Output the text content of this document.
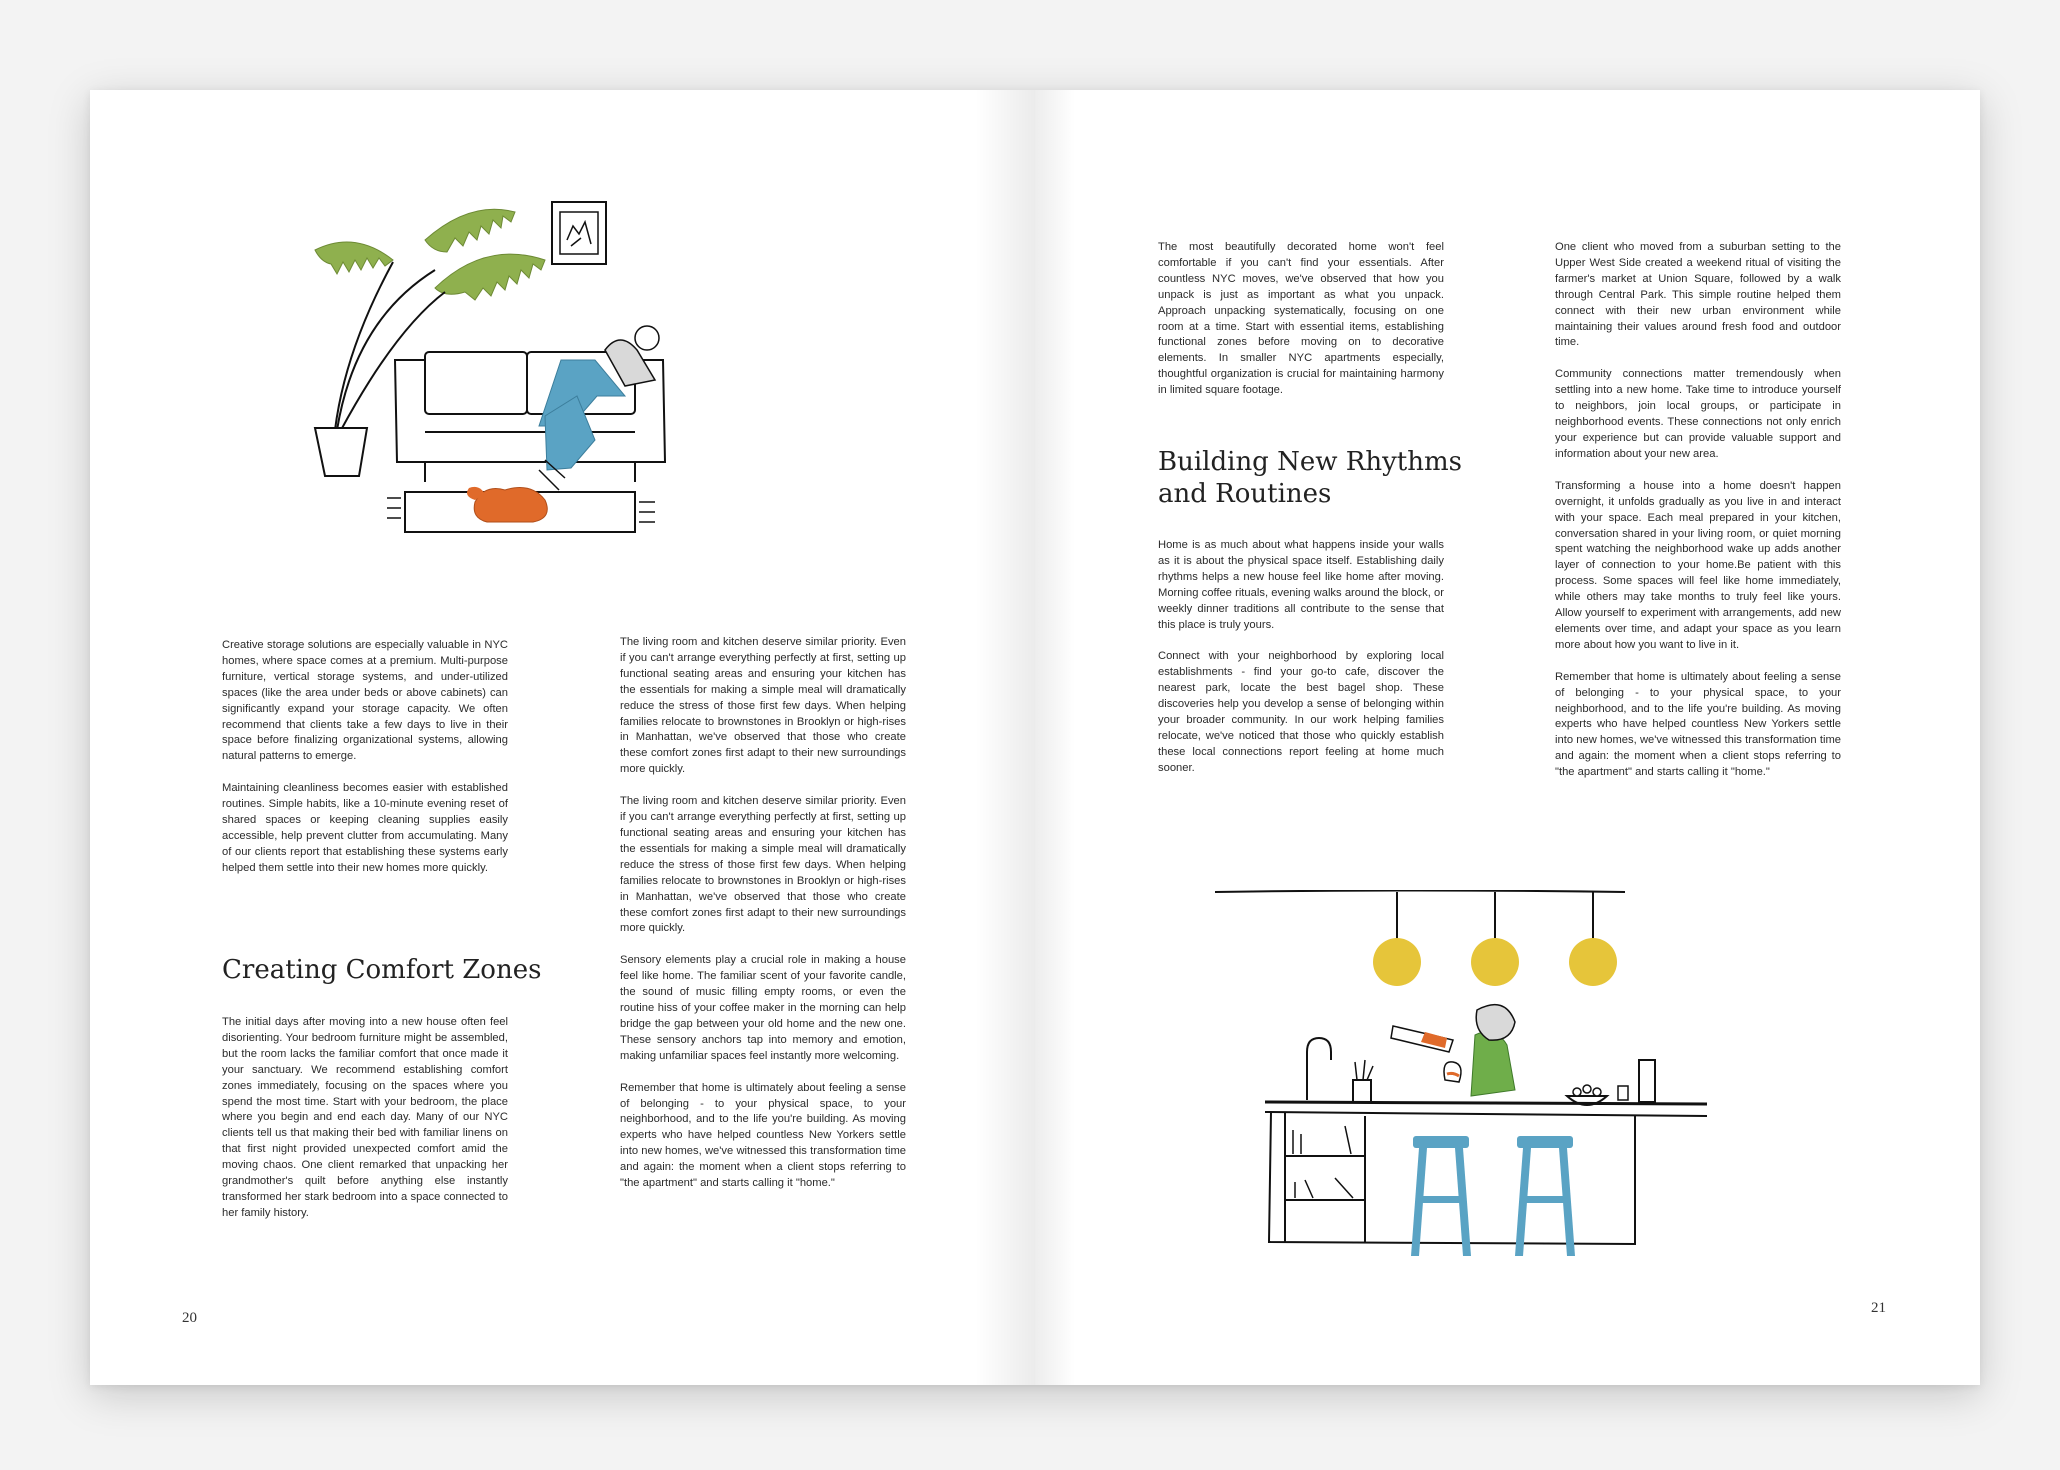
Creative storage solutions are especially valuable in NYC homes, where space comes at a premium. Multi-purpose furniture, vertical storage systems, and under-utilized spaces (like the area under beds or above cabinets) can significantly expand your storage capacity. We often recommend that clients take a few days to live in their space before finalizing organizational systems, allowing natural patterns to emerge.

Maintaining cleanliness becomes easier with established routines. Simple habits, like a 10-minute evening reset of shared spaces or keeping cleaning supplies easily accessible, help prevent clutter from accumulating. Many of our clients report that establishing these systems early helped them settle into their new homes more quickly.

Creating Comfort Zones

The initial days after moving into a new house often feel disorienting. Your bedroom furniture might be assembled, but the room lacks the familiar comfort that once made it your sanctuary. We recommend establishing comfort zones immediately, focusing on the spaces where you spend the most time. Start with your bedroom, the place where you begin and end each day. Many of our NYC clients tell us that making their bed with familiar linens on that first night provided unexpected comfort amid the moving chaos. One client remarked that unpacking her grandmother's quilt before anything else instantly transformed her stark bedroom into a space connected to her family history.

The living room and kitchen deserve similar priority. Even if you can't arrange everything perfectly at first, setting up functional seating areas and ensuring your kitchen has the essentials for making a simple meal will dramatically reduce the stress of those first few days. When helping families relocate to brownstones in Brooklyn or high-rises in Manhattan, we've observed that those who create these comfort zones first adapt to their new surroundings more quickly.

The living room and kitchen deserve similar priority. Even if you can't arrange everything perfectly at first, setting up functional seating areas and ensuring your kitchen has the essentials for making a simple meal will dramatically reduce the stress of those first few days. When helping families relocate to brownstones in Brooklyn or high-rises in Manhattan, we've observed that those who create these comfort zones first adapt to their new surroundings more quickly.

Sensory elements play a crucial role in making a house feel like home. The familiar scent of your favorite candle, the sound of music filling empty rooms, or even the routine hiss of your coffee maker in the morning can help bridge the gap between your old home and the new one. These sensory anchors tap into memory and emotion, making unfamiliar spaces feel instantly more welcoming.

Remember that home is ultimately about feeling a sense of belonging - to your physical space, to your neighborhood, and to the life you're building. As moving experts who have helped countless New Yorkers settle into new homes, we've witnessed this transformation time and again: the moment when a client stops referring to "the apartment" and starts calling it "home."

20

The most beautifully decorated home won't feel comfortable if you can't find your essentials. After countless NYC moves, we've observed that how you unpack is just as important as what you unpack. Approach unpacking systematically, focusing on one room at a time. Start with essential items, establishing functional zones before moving on to decorative elements. In smaller NYC apartments especially, thoughtful organization is crucial for maintaining harmony in limited square footage.

Building New Rhythms
and Routines

Home is as much about what happens inside your walls as it is about the physical space itself. Establishing daily rhythms helps a new house feel like home after moving. Morning coffee rituals, evening walks around the block, or weekly dinner traditions all contribute to the sense that this place is truly yours.

Connect with your neighborhood by exploring local establishments - find your go-to cafe, discover the nearest park, locate the best bagel shop. These discoveries help you develop a sense of belonging within your broader community. In our work helping families relocate, we've noticed that those who quickly establish these local connections report feeling at home much sooner.

One client who moved from a suburban setting to the Upper West Side created a weekend ritual of visiting the farmer's market at Union Square, followed by a walk through Central Park. This simple routine helped them connect with their new urban environment while maintaining their values around fresh food and outdoor time.

Community connections matter tremendously when settling into a new home. Take time to introduce yourself to neighbors, join local groups, or participate in neighborhood events. These connections not only enrich your experience but can provide valuable support and information about your new area.

Transforming a house into a home doesn't happen overnight, it unfolds gradually as you live in and interact with your space. Each meal prepared in your kitchen, conversation shared in your living room, or quiet morning spent watching the neighborhood wake up adds another layer of connection to your home.Be patient with this process. Some spaces will feel like home immediately, while others may take months to truly feel like yours. Allow yourself to experiment with arrangements, add new elements over time, and adapt your space as you learn more about how you want to live in it.

Remember that home is ultimately about feeling a sense of belonging - to your physical space, to your neighborhood, and to the life you're building. As moving experts who have helped countless New Yorkers settle into new homes, we've witnessed this transformation time and again: the moment when a client stops referring to "the apartment" and starts calling it "home."

21
